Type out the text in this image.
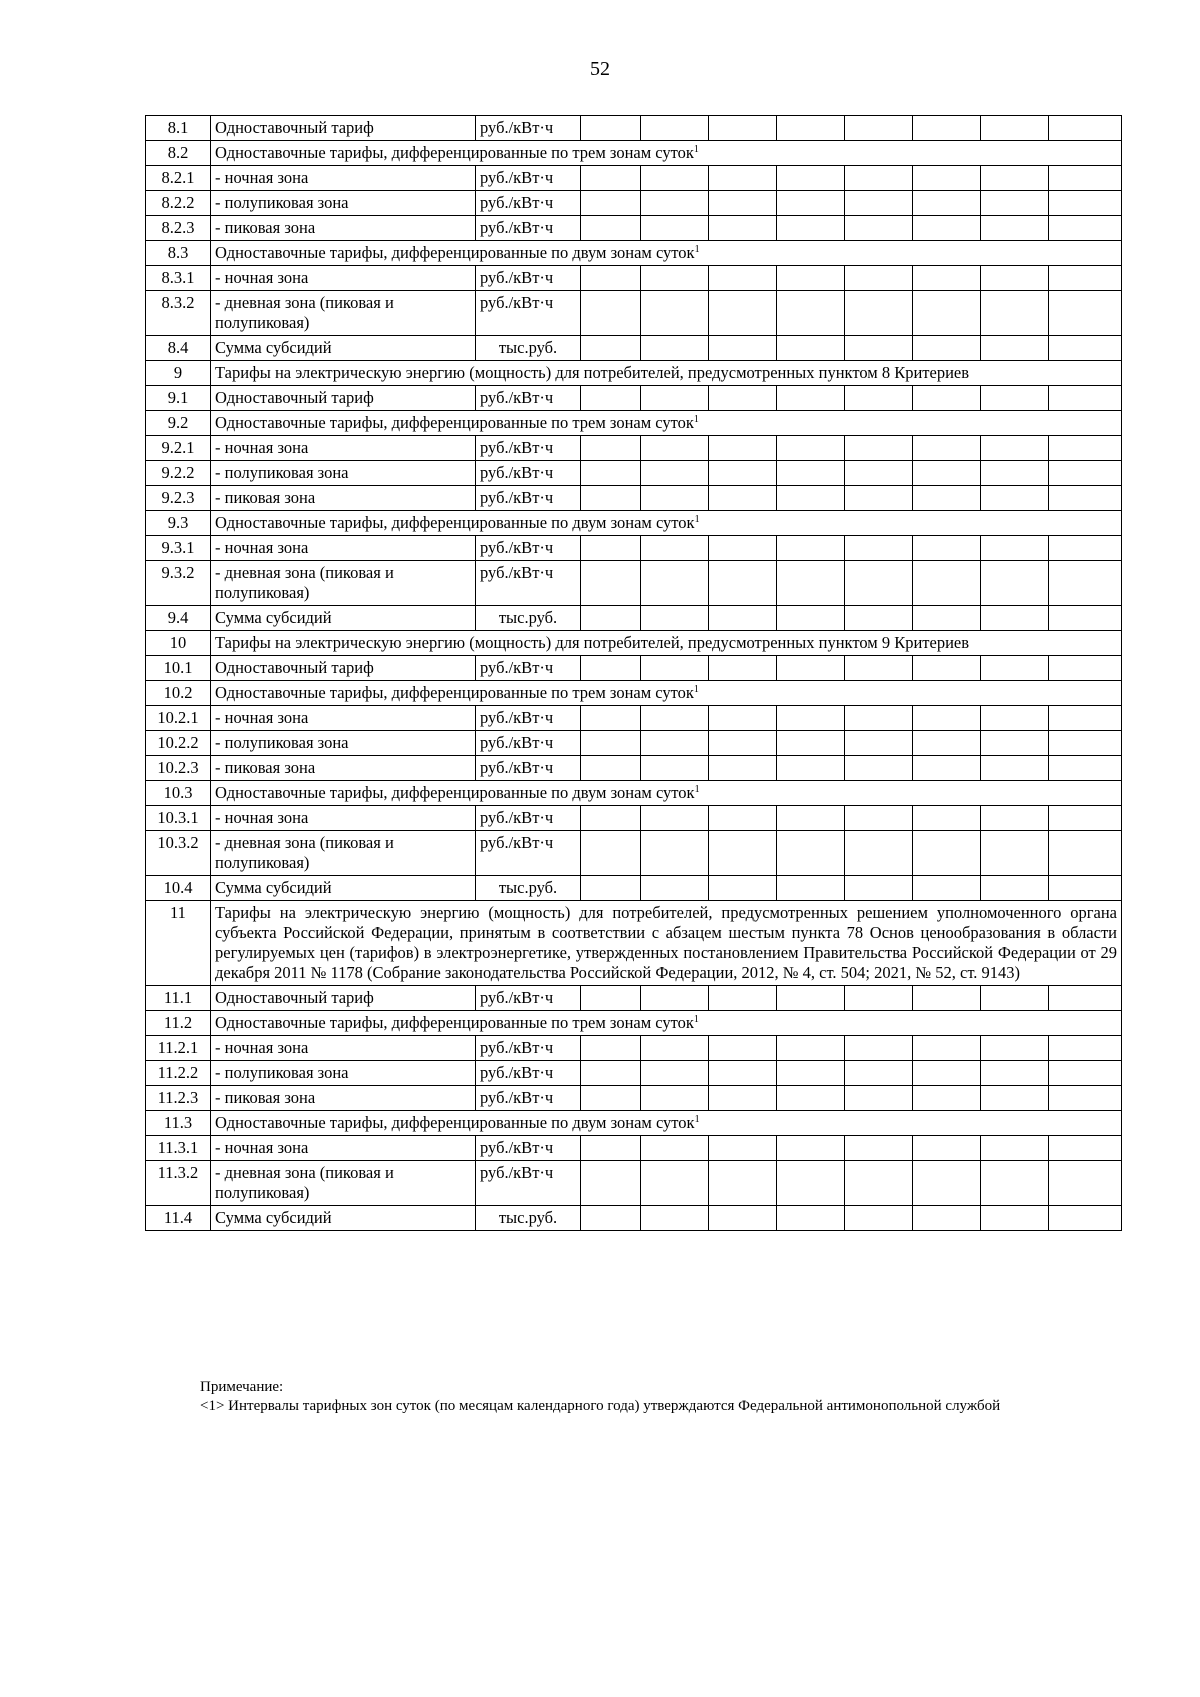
52
8.1	Одноставочный тариф	руб./кВт·ч								
8.2	Одноставочные тарифы, дифференцированные по трем зонам суток$^1$
8.2.1	- ночная зона	руб./кВт·ч								
8.2.2	- полупиковая зона	руб./кВт·ч								
8.2.3	- пиковая зона	руб./кВт·ч								
8.3	Одноставочные тарифы, дифференцированные по двум зонам суток$^1$
8.3.1	- ночная зона	руб./кВт·ч								
8.3.2	- дневная зона (пиковая и полупиковая)	руб./кВт·ч								
8.4	Сумма субсидий	тыс.руб.								
9	Тарифы на электрическую энергию (мощность) для потребителей, предусмотренных пунктом 8 Критериев									
9.1	Одноставочный тариф	руб./кВт·ч								
9.2	Одноставочные тарифы, дифференцированные по трем зонам суток$^1$
9.2.1	- ночная зона	руб./кВт·ч								
9.2.2	- полупиковая зона	руб./кВт·ч								
9.2.3	- пиковая зона	руб./кВт·ч								
9.3	Одноставочные тарифы, дифференцированные по двум зонам суток$^1$
9.3.1	- ночная зона	руб./кВт·ч								
9.3.2	- дневная зона (пиковая и полупиковая)	руб./кВт·ч								
9.4	Сумма субсидий	тыс.руб.								
10	Тарифы на электрическую энергию (мощность) для потребителей, предусмотренных пунктом 9 Критериев									
10.1	Одноставочный тариф	руб./кВт·ч								
10.2	Одноставочные тарифы, дифференцированные по трем зонам суток$^1$
10.2.1	- ночная зона	руб./кВт·ч								
10.2.2	- полупиковая зона	руб./кВт·ч								
10.2.3	- пиковая зона	руб./кВт·ч								
10.3	Одноставочные тарифы, дифференцированные по двум зонам суток$^1$
10.3.1	- ночная зона	руб./кВт·ч								
10.3.2	- дневная зона (пиковая и полупиковая)	руб./кВт·ч								
10.4	Сумма субсидий	тыс.руб.								
11	Тарифы на электрическую энергию (мощность) для потребителей, предусмотренных решением уполномоченного органа субъекта Российской Федерации, принятым в соответствии с абзацем шестым пункта 78 Основ ценообразования в области регулируемых цен (тарифов) в электроэнергетике, утвержденных постановлением Правительства Российской Федерации от 29 декабря 2011 № 1178 (Собрание законодательства Российской Федерации, 2012, № 4, ст. 504; 2021, № 52, ст. 9143)									
11.1	Одноставочный тариф	руб./кВт·ч								
11.2	Одноставочные тарифы, дифференцированные по трем зонам суток$^1$
11.2.1	- ночная зона	руб./кВт·ч								
11.2.2	- полупиковая зона	руб./кВт·ч								
11.2.3	- пиковая зона	руб./кВт·ч								
11.3	Одноставочные тарифы, дифференцированные по двум зонам суток$^1$
11.3.1	- ночная зона	руб./кВт·ч								
11.3.2	- дневная зона (пиковая и полупиковая)	руб./кВт·ч								
11.4	Сумма субсидий	тыс.руб.								
Примечание:
<1> Интервалы тарифных зон суток (по месяцам календарного года) утверждаются Федеральной антимонопольной службой
